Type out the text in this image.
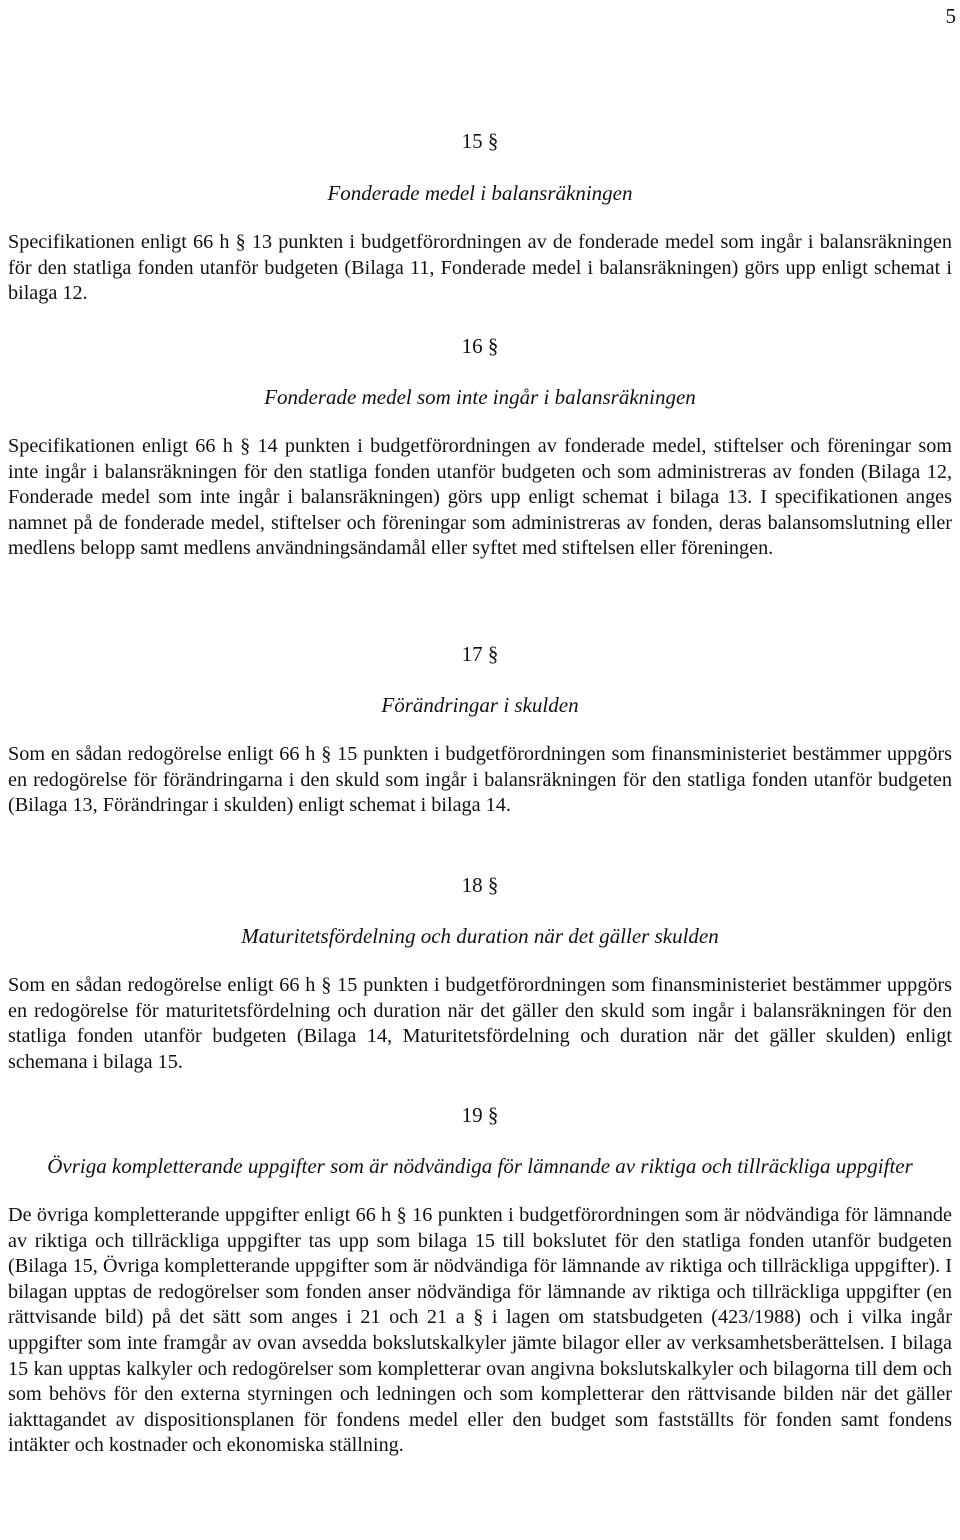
5

15 §

Fonderade medel i balansräkningen

Specifikationen enligt 66 h § 13 punkten i budgetförordningen av de fonderade medel som ingår i balansräkningen för den statliga fonden utanför budgeten (Bilaga 11, Fonderade medel i balansräkningen) görs upp enligt schemat i bilaga 12.

16 §

Fonderade medel som inte ingår i balansräkningen

Specifikationen enligt 66 h § 14 punkten i budgetförordningen av fonderade medel, stiftelser och föreningar som inte ingår i balansräkningen för den statliga fonden utanför budgeten och som administreras av fonden (Bilaga 12, Fonderade medel som inte ingår i balansräkningen) görs upp enligt schemat i bilaga 13. I specifikationen anges namnet på de fonderade medel, stiftelser och föreningar som administreras av fonden, deras balansomslutning eller medlens belopp samt medlens användningsändamål eller syftet med stiftelsen eller föreningen.

17 §

Förändringar i skulden

Som en sådan redogörelse enligt 66 h § 15 punkten i budgetförordningen som finansministeriet bestämmer uppgörs en redogörelse för förändringarna i den skuld som ingår i balansräkningen för den statliga fonden utanför budgeten (Bilaga 13, Förändringar i skulden) enligt schemat i bilaga 14.

18 §

Maturitetsfördelning och duration när det gäller skulden

Som en sådan redogörelse enligt 66 h § 15 punkten i budgetförordningen som finansministeriet bestämmer uppgörs en redogörelse för maturitetsfördelning och duration när det gäller den skuld som ingår i balansräkningen för den statliga fonden utanför budgeten (Bilaga 14, Maturitetsfördelning och duration när det gäller skulden) enligt schemana i bilaga 15.

19 §

Övriga kompletterande uppgifter som är nödvändiga för lämnande av riktiga och tillräckliga uppgifter

De övriga kompletterande uppgifter enligt 66 h § 16 punkten i budgetförordningen som är nödvändiga för lämnande av riktiga och tillräckliga uppgifter tas upp som bilaga 15 till bokslutet för den statliga fonden utanför budgeten (Bilaga 15, Övriga kompletterande uppgifter som är nödvändiga för lämnande av riktiga och tillräckliga uppgifter). I bilagan upptas de redogörelser som fonden anser nödvändiga för lämnande av riktiga och tillräckliga uppgifter (en rättvisande bild) på det sätt som anges i 21 och 21 a § i lagen om statsbudgeten (423/1988) och i vilka ingår uppgifter som inte framgår av ovan avsedda bokslutskalkyler jämte bilagor eller av verksamhetsberättelsen. I bilaga 15 kan upptas kalkyler och redogörelser som kompletterar ovan angivna bokslutskalkyler och bilagorna till dem och som behövs för den externa styrningen och ledningen och som kompletterar den rättvisande bilden när det gäller iakttagandet av dispositionsplanen för fondens medel eller den budget som fastställts för fonden samt fondens intäkter och kostnader och ekonomiska ställning.
